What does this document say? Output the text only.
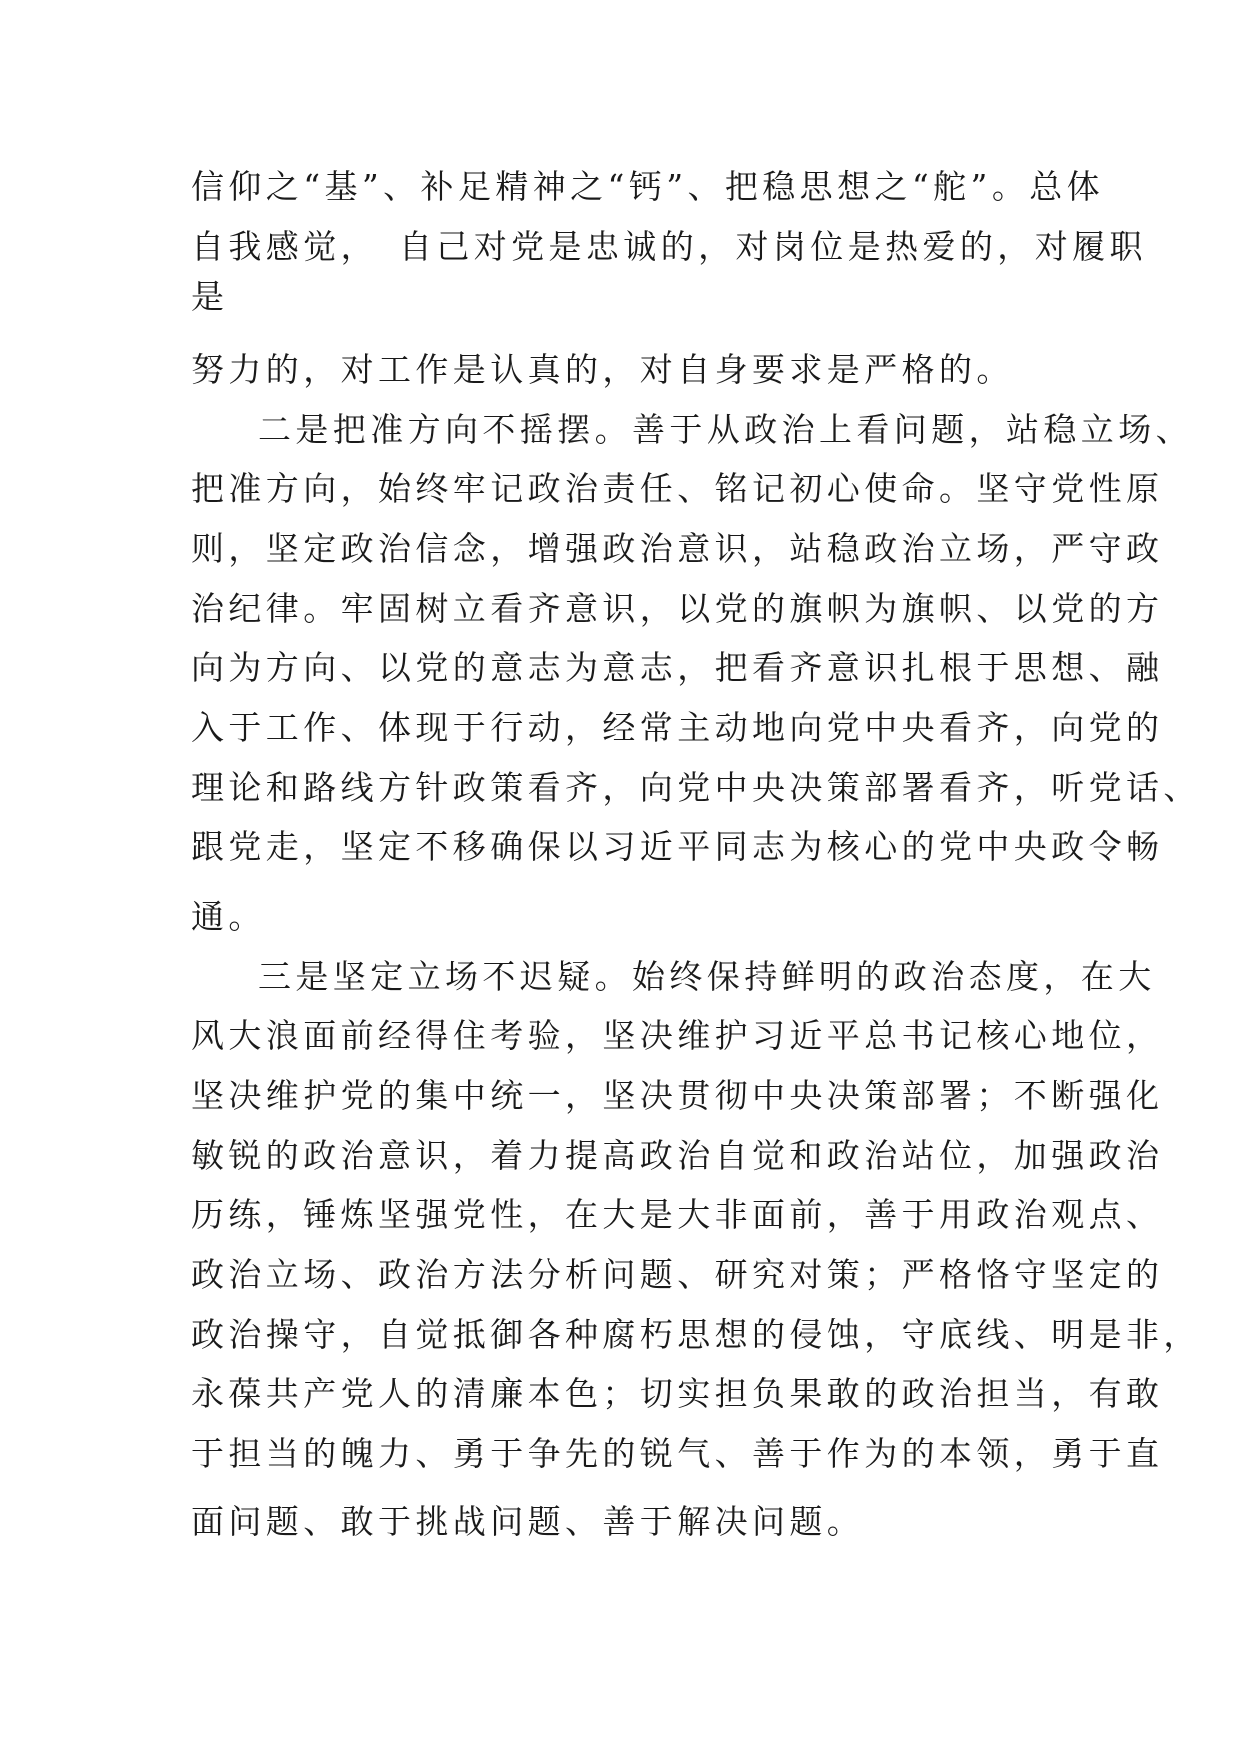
信仰之“基”、补足精神之“钙”、把稳思想之“舵”。总体
自我感觉，　自己对党是忠诚的，对岗位是热爱的，对履职
是
努力的，对工作是认真的，对自身要求是严格的。
二是把准方向不摇摆。善于从政治上看问题，站稳立场、
把准方向，始终牢记政治责任、铭记初心使命。坚守党性原
则，坚定政治信念，增强政治意识，站稳政治立场，严守政
治纪律。牢固树立看齐意识，以党的旗帜为旗帜、以党的方
向为方向、以党的意志为意志，把看齐意识扎根于思想、融
入于工作、体现于行动，经常主动地向党中央看齐，向党的
理论和路线方针政策看齐，向党中央决策部署看齐，听党话、
跟党走，坚定不移确保以习近平同志为核心的党中央政令畅
通。
三是坚定立场不迟疑。始终保持鲜明的政治态度，在大
风大浪面前经得住考验，坚决维护习近平总书记核心地位，
坚决维护党的集中统一，坚决贯彻中央决策部署；不断强化
敏锐的政治意识，着力提高政治自觉和政治站位，加强政治
历练，锤炼坚强党性，在大是大非面前，善于用政治观点、
政治立场、政治方法分析问题、研究对策；严格恪守坚定的
政治操守，自觉抵御各种腐朽思想的侵蚀，守底线、明是非，
永葆共产党人的清廉本色；切实担负果敢的政治担当，有敢
于担当的魄力、勇于争先的锐气、善于作为的本领，勇于直
面问题、敢于挑战问题、善于解决问题。
